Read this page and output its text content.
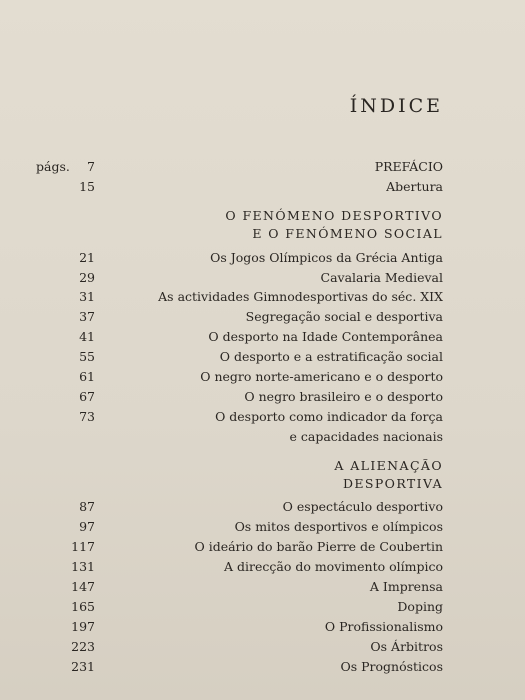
ÍNDICE
págs. 7	PREFÁCIO
15	Abertura
O FENÓMENO DESPORTIVO
E O FENÓMENO SOCIAL
21	Os Jogos Olímpicos da Grécia Antiga
29	Cavalaria Medieval
31	As actividades Gimnodesportivas do séc. XIX
37	Segregação social e desportiva
41	O desporto na Idade Contemporânea
55	O desporto e a estratificação social
61	O negro norte-americano e o desporto
67	O negro brasileiro e o desporto
73	O desporto como indicador da força
e capacidades nacionais
A ALIENAÇÃO
DESPORTIVA
87	O espectáculo desportivo
97	Os mitos desportivos e olímpicos
117	O ideário do barão Pierre de Coubertin
131	A direcção do movimento olímpico
147	A Imprensa
165	Doping
197	O Profissionalismo
223	Os Árbitros
231	Os Prognósticos
